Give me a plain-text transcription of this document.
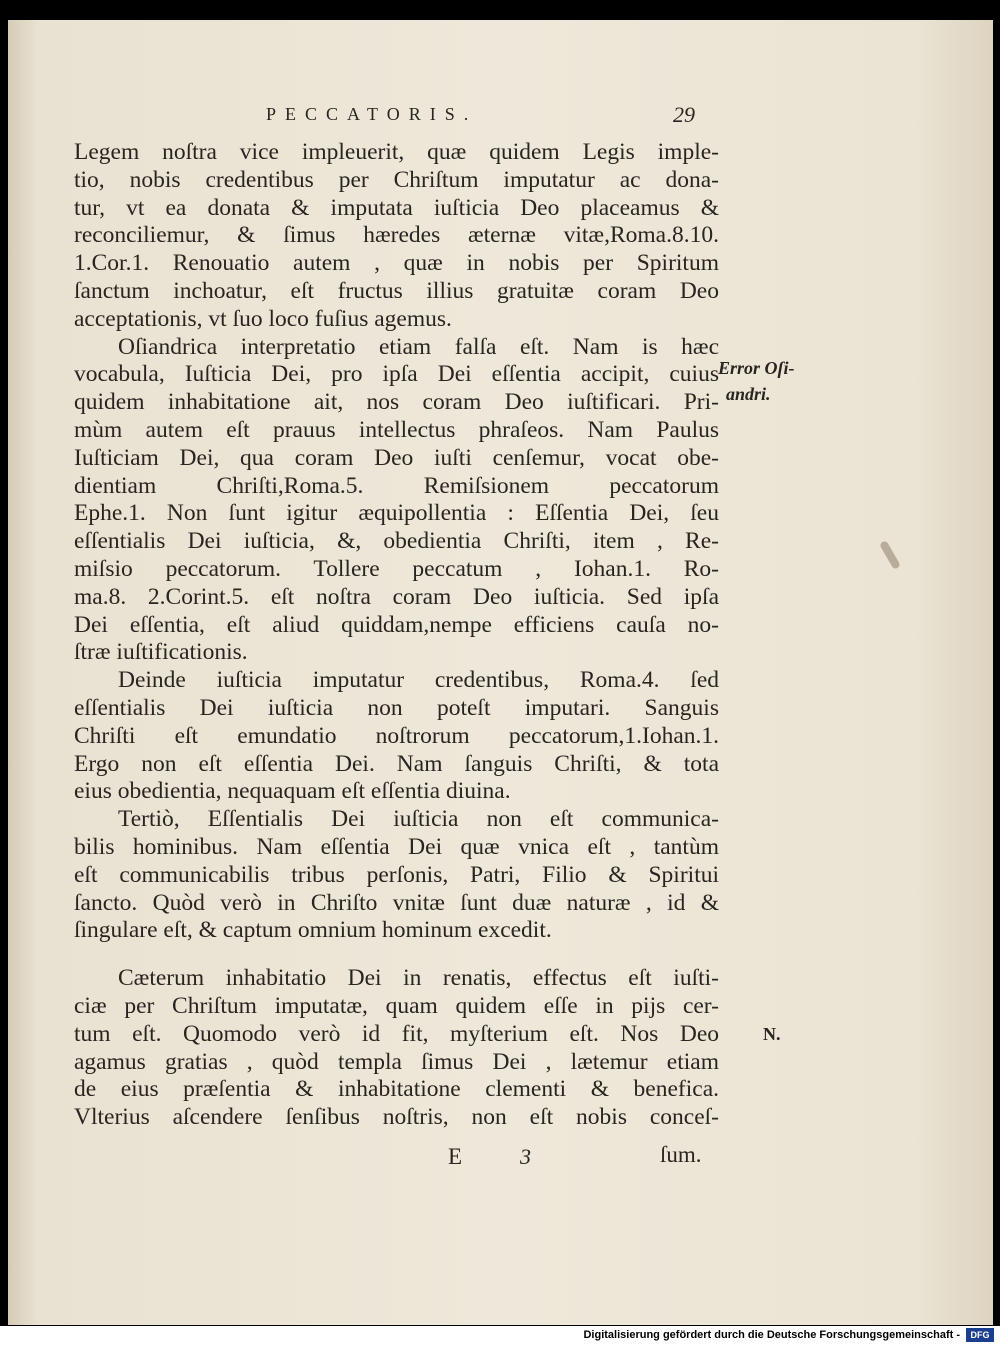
PECCATORIS.	29
Legem noſtra vice impleuerit, quæ quidem Legis imple-
tio, nobis credentibus per Chriſtum imputatur ac dona-
tur, vt ea donata & imputata iuſticia Deo placeamus &
reconciliemur, & ſimus hæredes æternæ vitæ,Roma.8.10.
1.Cor.1. Renouatio autem , quæ in nobis per Spiritum
ſanctum inchoatur, eſt fructus illius gratuitæ coram Deo
acceptationis, vt ſuo loco fuſius agemus.
Oſiandrica interpretatio etiam falſa eſt. Nam is hæc
vocabula, Iuſticia Dei, pro ipſa Dei eſſentia accipit, cuius
quidem inhabitatione ait, nos coram Deo iuſtificari. Pri-
mùm autem eſt prauus intellectus phraſeos. Nam Paulus
Iuſticiam Dei, qua coram Deo iuſti cenſemur, vocat obe-
dientiam Chriſti,Roma.5. Remiſsionem peccatorum
Ephe.1. Non ſunt igitur æquipollentia : Eſſentia Dei, ſeu
eſſentialis Dei iuſticia, &, obedientia Chriſti, item , Re-
miſsio peccatorum. Tollere peccatum , Iohan.1. Ro-
ma.8. 2.Corint.5. eſt noſtra coram Deo iuſticia. Sed ipſa
Dei eſſentia, eſt aliud quiddam,nempe efficiens cauſa no-
ſtræ iuſtificationis.
Deinde iuſticia imputatur credentibus, Roma.4. ſed
eſſentialis Dei iuſticia non poteſt imputari. Sanguis
Chriſti eſt emundatio noſtrorum peccatorum,1.Iohan.1.
Ergo non eſt eſſentia Dei. Nam ſanguis Chriſti, & tota
eius obedientia, nequaquam eſt eſſentia diuina.
Tertiò, Eſſentialis Dei iuſticia non eſt communica-
bilis hominibus. Nam eſſentia Dei quæ vnica eſt , tantùm
eſt communicabilis tribus perſonis, Patri, Filio & Spiritui
ſancto. Quòd verò in Chriſto vnitæ ſunt duæ naturæ , id &
ſingulare eſt, & captum omnium hominum excedit.
Cæterum inhabitatio Dei in renatis, effectus eſt iuſti-
ciæ per Chriſtum imputatæ, quam quidem eſſe in pijs cer-
tum eſt. Quomodo verò id fit, myſterium eſt. Nos Deo
agamus gratias , quòd templa ſimus Dei , lætemur etiam
de eius præſentia & inhabitatione clementi & benefica.
Vlterius aſcendere ſenſibus noſtris, non eſt nobis conceſ-
Error Oſi-
andri.
N.
E	3	ſum.
Digitalisierung gefördert durch die Deutsche Forschungsgemeinschaft -	DFG
